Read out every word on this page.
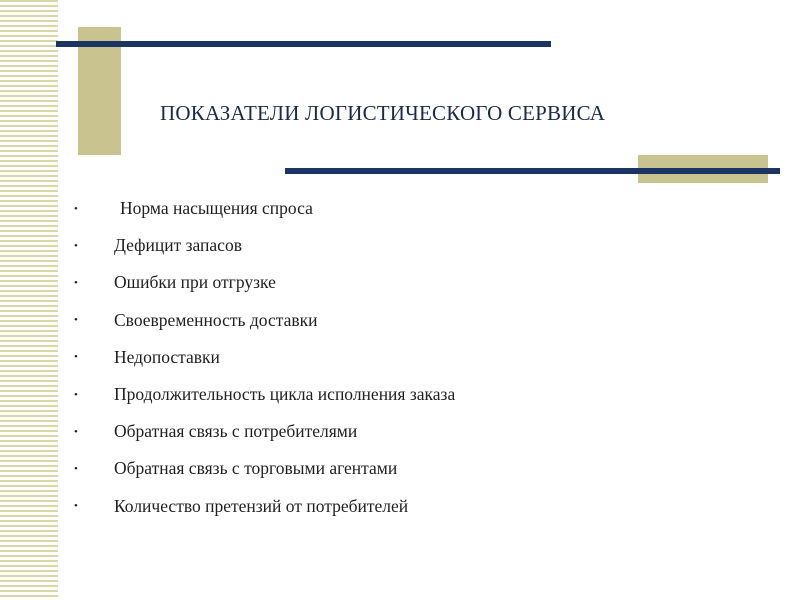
ПОКАЗАТЕЛИ ЛОГИСТИЧЕСКОГО СЕРВИСА
•	Норма насыщения спроса
•	Дефицит запасов
•	Ошибки при отгрузке
•	Своевременность доставки
•	Недопоставки
•	Продолжительность цикла исполнения заказа
•	Обратная связь с потребителями
•	Обратная связь с торговыми агентами
•	Количество претензий от потребителей
